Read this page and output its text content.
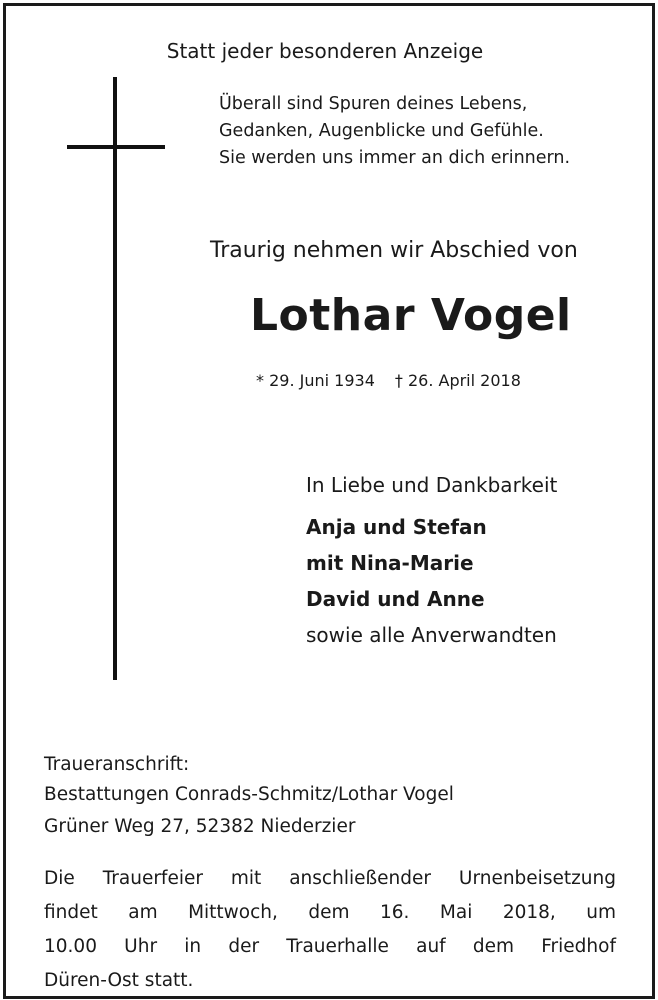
Statt jeder besonderen Anzeige
Überall sind Spuren deines Lebens,
Gedanken, Augenblicke und Gefühle.
Sie werden uns immer an dich erinnern.
Traurig nehmen wir Abschied von
Lothar Vogel
* 29. Juni 1934 † 26. April 2018
In Liebe und Dankbarkeit
Anja und Stefan
mit Nina-Marie
David und Anne
sowie alle Anverwandten
Traueranschrift:
Bestattungen Conrads-Schmitz/Lothar Vogel
Grüner Weg 27, 52382 Niederzier
Die Trauerfeier mit anschließender Urnenbeisetzung
findet am Mittwoch, dem 16. Mai 2018, um
10.00 Uhr in der Trauerhalle auf dem Friedhof
Düren-Ost statt.
